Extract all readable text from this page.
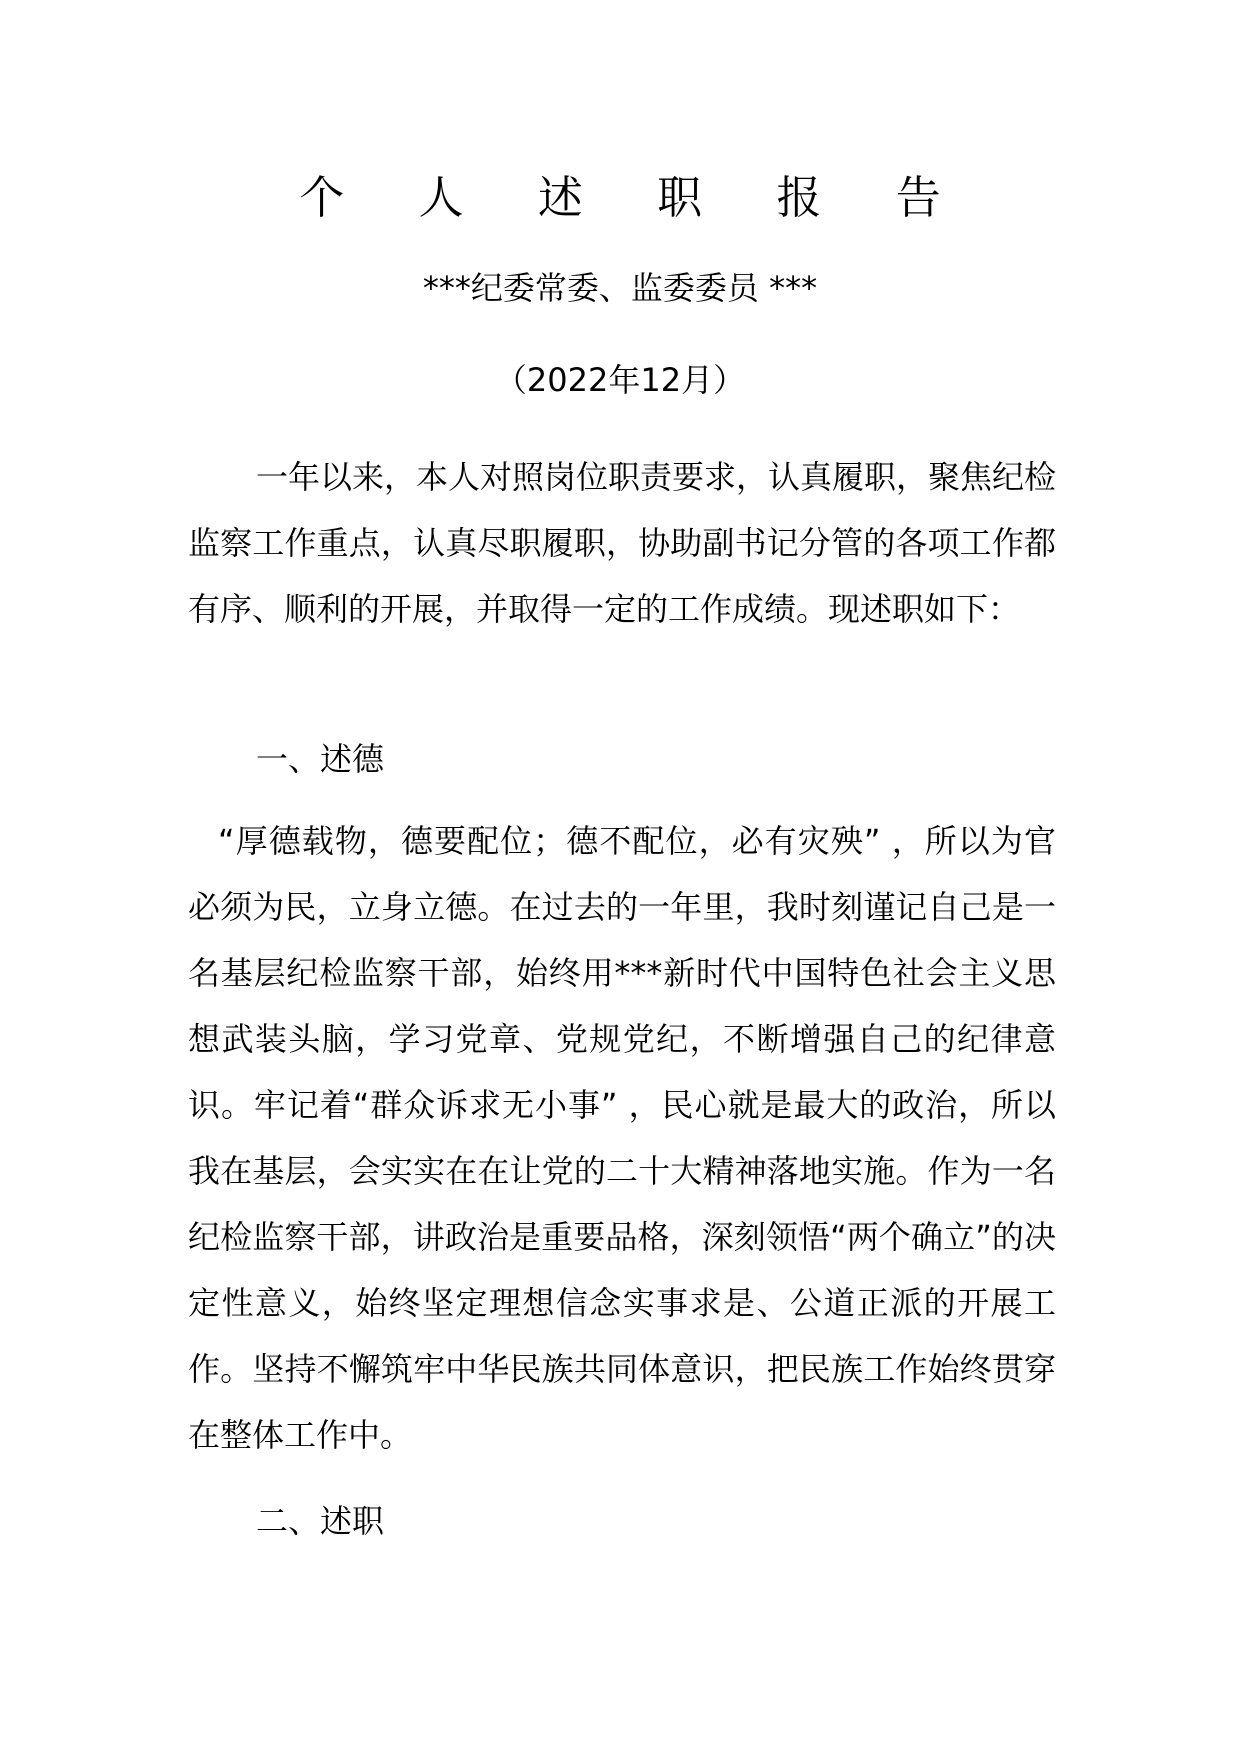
个 人 述 职 报 告

***纪委常委、监委委员 ***

（2022年12月）

一年以来，本人对照岗位职责要求，认真履职，聚焦纪检监察工作重点，认真尽职履职，协助副书记分管的各项工作都有序、顺利的开展，并取得一定的工作成绩。现述职如下：

一、述德

“厚德载物，德要配位；德不配位，必有灾殃” ，所以为官必须为民，立身立德。在过去的一年里，我时刻谨记自己是一名基层纪检监察干部，始终用***新时代中国特色社会主义思想武装头脑，学习党章、党规党纪，不断增强自己的纪律意识。牢记着“群众诉求无小事” ，民心就是最大的政治，所以我在基层，会实实在在让党的二十大精神落地实施。作为一名纪检监察干部，讲政治是重要品格，深刻领悟“两个确立”的决定性意义，始终坚定理想信念实事求是、公道正派的开展工作。坚持不懈筑牢中华民族共同体意识，把民族工作始终贯穿在整体工作中。

二、述职
